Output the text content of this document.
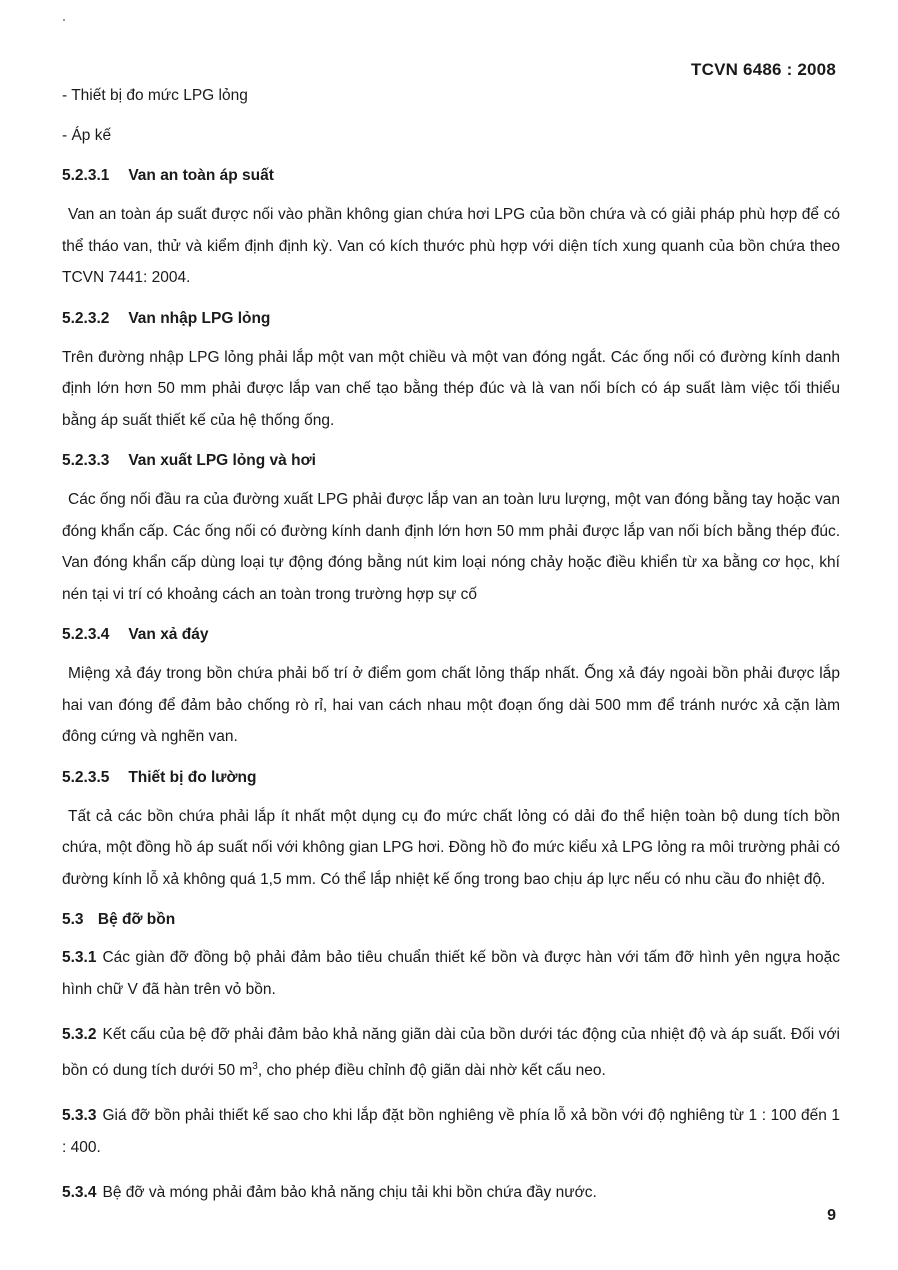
TCVN 6486 : 2008

- Thiết bị đo mức LPG lỏng

- Áp kế

5.2.3.1 Van an toàn áp suất

Van an toàn áp suất được nối vào phần không gian chứa hơi LPG của bồn chứa và có giải pháp phù hợp để có thể tháo van, thử và kiểm định định kỳ. Van có kích thước phù hợp với diện tích xung quanh của bồn chứa theo TCVN 7441: 2004.

5.2.3.2 Van nhập LPG lỏng

Trên đường nhập LPG lỏng phải lắp một van một chiều và một van đóng ngắt. Các ống nối có đường kính danh định lớn hơn 50 mm phải được lắp van chế tạo bằng thép đúc và là van nối bích có áp suất làm việc tối thiểu bằng áp suất thiết kế của hệ thống ống.

5.2.3.3 Van xuất LPG lỏng và hơi

Các ống nối đầu ra của đường xuất LPG phải được lắp van an toàn lưu lượng, một van đóng bằng tay hoặc van đóng khẩn cấp. Các ống nối có đường kính danh định lớn hơn 50 mm phải được lắp van nối bích bằng thép đúc. Van đóng khẩn cấp dùng loại tự động đóng bằng nút kim loại nóng chảy hoặc điều khiển từ xa bằng cơ học, khí nén tại vi trí có khoảng cách an toàn trong trường hợp sự cố

5.2.3.4 Van xả đáy

Miệng xả đáy trong bồn chứa phải bố trí ở điểm gom chất lỏng thấp nhất. Ống xả đáy ngoài bồn phải được lắp hai van đóng để đảm bảo chống rò rỉ, hai van cách nhau một đoạn ống dài 500 mm để tránh nước xả cặn làm đông cứng và nghẽn van.

5.2.3.5 Thiết bị đo lường

Tất cả các bồn chứa phải lắp ít nhất một dụng cụ đo mức chất lỏng có dải đo thể hiện toàn bộ dung tích bồn chứa, một đồng hồ áp suất nối với không gian LPG hơi. Đồng hồ đo mức kiểu xả LPG lỏng ra môi trường phải có đường kính lỗ xả không quá 1,5 mm. Có thể lắp nhiệt kế ống trong bao chịu áp lực nếu có nhu cầu đo nhiệt độ.

5.3 Bệ đỡ bồn

5.3.1 Các giàn đỡ đồng bộ phải đảm bảo tiêu chuẩn thiết kế bồn và được hàn với tấm đỡ hình yên ngựa hoặc hình chữ V đã hàn trên vỏ bồn.

5.3.2 Kết cấu của bệ đỡ phải đảm bảo khả năng giãn dài của bồn dưới tác động của nhiệt độ và áp suất. Đối với bồn có dung tích dưới 50 $m^3$, cho phép điều chỉnh độ giãn dài nhờ kết cấu neo.

5.3.3 Giá đỡ bồn phải thiết kế sao cho khi lắp đặt bồn nghiêng về phía lỗ xả bồn với độ nghiêng từ 1 : 100 đến 1 : 400.

5.3.4 Bệ đỡ và móng phải đảm bảo khả năng chịu tải khi bồn chứa đầy nước.

9
